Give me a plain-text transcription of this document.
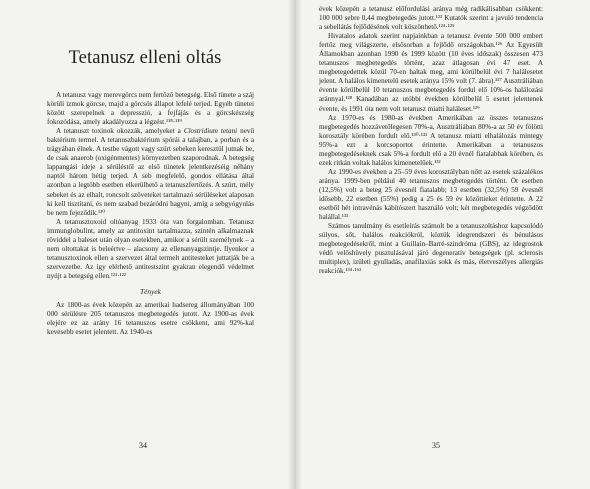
Tetanusz elleni oltás

A tetanusz vagy merevgörcs nem fertőző betegség. Első tünete a száj körüli izmok görcse, majd a görcsös állapot lefelé terjed. Egyéb tünetei között szerepelnek a depresszió, a fejfájás és a görcskészség fokozódása, amely akadályozza a légzést.¹¹⁸·¹¹⁹

A tetanuszt toxinok okozzák, amelyeket a Clostridium tetani nevű baktérium termel. A tetanuszbaktérium spórái a talajban, a porban és a trágyában élnek. A testbe vágott vagy szúrt sebeken keresztül jutnak be, de csak anaerob (oxigénmentes) környezetben szaporodnak. A betegség lappangási ideje a sérüléstől az első tünetek jelentkezéséig néhány naptól három hétig terjed. A seb megfelelő, gondos ellátása által azonban a legtöbb esetben elkerülhető a tetanuszfertőzés. A szúrt, mély sebeket és az elhalt, roncsolt szöveteket tartalmazó sérüléseket alaposan ki kell tisztítani, és nem szabad bezáródni hagyni, amíg a sebgyógyulás be nem fejeződik.¹²⁰

A tetanusztoxoid oltóanyag 1933 óta van forgalomban. Tetanusz immunglobulint, amely az antitoxint tartalmazza, szintén alkalmaznak röviddel a baleset után olyan esetekben, amikor a sérült személynek – a nem oltottakat is beleértve – alacsony az ellenanyagszintje. Ilyenkor a tetanusztoxinok ellen a szervezet által termelt antitesteket juttatják be a szervezetbe. Az így elérhető antitestszint gyakran elegendő védelmet nyújt a betegség ellen.¹²¹·¹²²

Tények

Az 1800-as évek közepén az amerikai hadsereg állományában 100 000 sérülésre 205 tetanuszos megbetegedés jutott. Az 1900-as évek elejére ez az arány 16 tetanuszos esetre csökkent, ami 92%-kal kevesebb esetet jelentett. Az 1940-es

34

évek közepén a tetanusz előfordulási aránya még radikálisabban csökkent: 100 000 sebre 0,44 megbetegedés jutott.¹²³ Kutatók szerint a javuló tendencia a sebellátás fejlődésének volt köszönhető.¹²⁴·¹²⁵

Hivatalos adatok szerint napjainkban a tetanusz évente 500 000 embert fertőz meg világszerte, elsősorban a fejlődő országokban.¹²⁶ Az Egyesült Államokban azonban 1990 és 1999 között (10 éves időszak) összesen 473 tetanuszos megbetegedés történt, azaz átlagosan évi 47 eset. A megbetegedettek közül 70-en haltak meg, ami körülbelül évi 7 halálesetet jelent. A halálos kimenetelű esetek aránya 15% volt (7. ábra).¹²⁷ Ausztráliában évente körülbelül 10 tetanuszos megbetegedés fordul elő 10%-os halálozási aránnyal.¹²⁸ Kanadában az utóbbi években körülbelül 5 esetet jelentenek évente, és 1991 óta nem volt tetanusz miatti haláleset.¹²⁹

Az 1970-es és 1980-as években Amerikában az összes tetanuszos megbetegedés hozzávetőlegesen 70%-a, Ausztráliában 80%-a az 50 év fölötti korosztály körében fordult elő.¹³⁰·¹³¹ A tetanusz miatti elhalálozás mintegy 95%-a ezt a korcsoportot érintette. Amerikában a tetanuszos megbetegedéseknek csak 5%-a fordult elő a 20 évnél fiatalabbak körében, és ezek ritkán voltak halálos kimenetelűek.¹³²

Az 1990-es években a 25–59 éves korosztályban nőtt az esetek százalékos aránya. 1999-ben például 40 tetanuszos megbetegedés történt. Öt esetben (12,5%) volt a beteg 25 évesnél fiatalabb; 13 esetben (32,5%) 59 évesnél idősebb, 22 esetben (55%) pedig a 25 és 59 év közöttieket érintette. A 22 esetből hét intravénás kábítószert használó volt; két megbetegedés végződött halállal.¹³³

Számos tanulmány és esetleírás számolt be a tetanuszoltáshoz kapcsolódó súlyos, sőt, halálos reakciókról, köztük idegrendszeri és bénulásos megbetegedésekről, mint a Guillain–Barré-szindróma (GBS), az idegrostok védő velőshüvely pusztulásával járó degeneratív betegségek (pl. sclerosis multiplex), izületi gyulladás, anafilaxiás sokk és más, életveszélyes allergiás reakciók.¹³⁴·¹⁶²

35
